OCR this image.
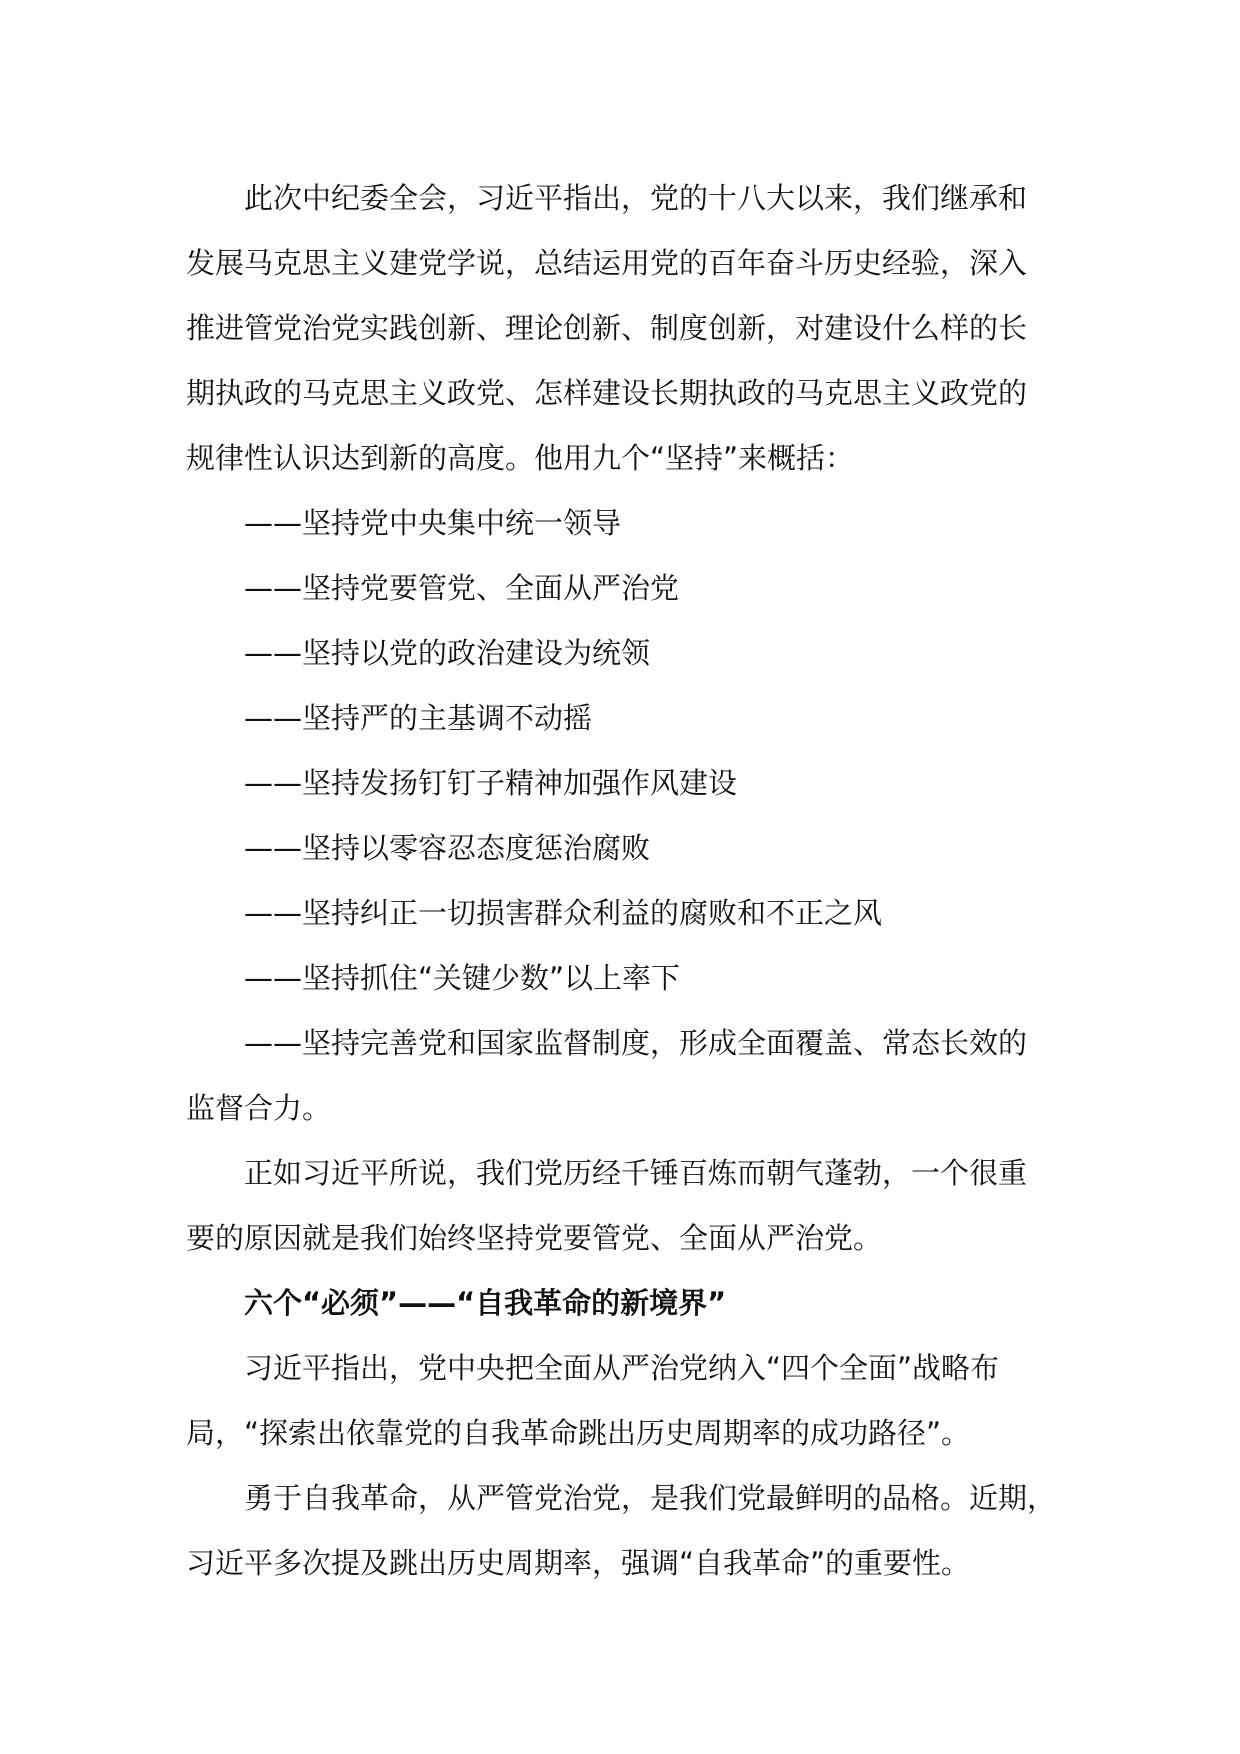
此次中纪委全会，习近平指出，党的十八大以来，我们继承和
发展马克思主义建党学说，总结运用党的百年奋斗历史经验，深入
推进管党治党实践创新、理论创新、制度创新，对建设什么样的长
期执政的马克思主义政党、怎样建设长期执政的马克思主义政党的
规律性认识达到新的高度。他用九个“坚持”来概括：
——坚持党中央集中统一领导
——坚持党要管党、全面从严治党
——坚持以党的政治建设为统领
——坚持严的主基调不动摇
——坚持发扬钉钉子精神加强作风建设
——坚持以零容忍态度惩治腐败
——坚持纠正一切损害群众利益的腐败和不正之风
——坚持抓住“关键少数”以上率下
——坚持完善党和国家监督制度，形成全面覆盖、常态长效的
监督合力。
正如习近平所说，我们党历经千锤百炼而朝气蓬勃，一个很重
要的原因就是我们始终坚持党要管党、全面从严治党。
六个“必须”——“自我革命的新境界”
习近平指出，党中央把全面从严治党纳入“四个全面”战略布
局，“探索出依靠党的自我革命跳出历史周期率的成功路径”。
勇于自我革命，从严管党治党，是我们党最鲜明的品格。近期，
习近平多次提及跳出历史周期率，强调“自我革命”的重要性。
